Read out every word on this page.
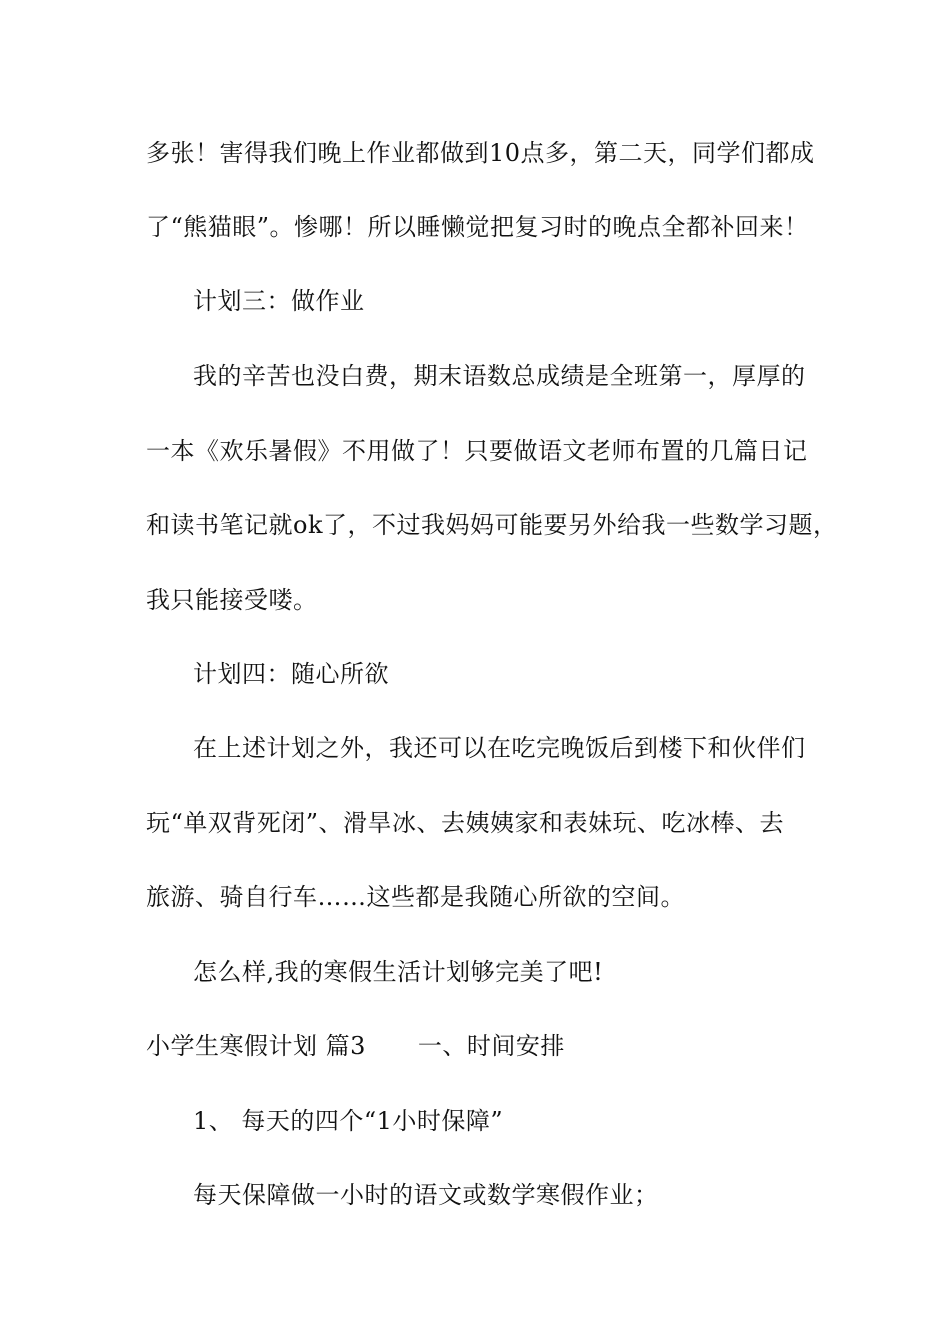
多张！害得我们晚上作业都做到10点多，第二天，同学们都成
了“熊猫眼”。惨哪！所以睡懒觉把复习时的晚点全都补回来！
计划三：做作业
我的辛苦也没白费，期末语数总成绩是全班第一，厚厚的
一本《欢乐暑假》不用做了！只要做语文老师布置的几篇日记
和读书笔记就ok了，不过我妈妈可能要另外给我一些数学习题，
我只能接受喽。
计划四：随心所欲
在上述计划之外，我还可以在吃完晚饭后到楼下和伙伴们
玩“单双背死闭”、滑旱冰、去姨姨家和表妹玩、吃冰棒、去
旅游、骑自行车……这些都是我随心所欲的空间。
怎么样,我的寒假生活计划够完美了吧!
小学生寒假计划 篇3 一、时间安排
1、 每天的四个“1小时保障”
每天保障做一小时的语文或数学寒假作业；
